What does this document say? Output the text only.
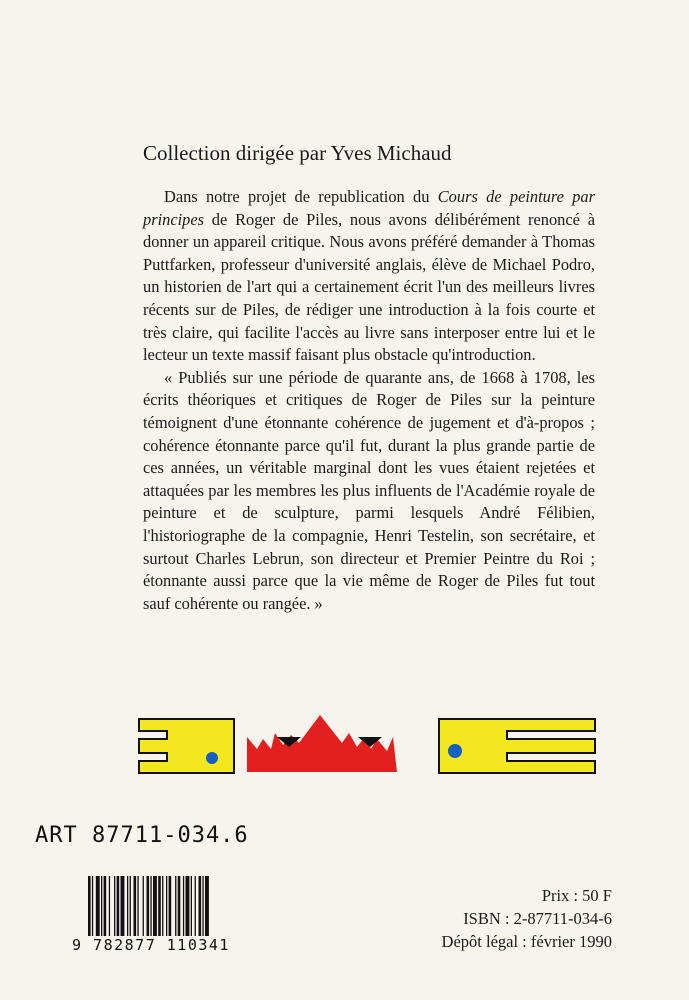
Collection dirigée par Yves Michaud

Dans notre projet de republication du Cours de peinture par principes de Roger de Piles, nous avons délibérément renoncé à donner un appareil critique. Nous avons préféré demander à Thomas Puttfarken, professeur d'université anglais, élève de Michael Podro, un historien de l'art qui a certainement écrit l'un des meilleurs livres récents sur de Piles, de rédiger une introduction à la fois courte et très claire, qui facilite l'accès au livre sans interposer entre lui et le lecteur un texte massif faisant plus obstacle qu'introduction.

« Publiés sur une période de quarante ans, de 1668 à 1708, les écrits théoriques et critiques de Roger de Piles sur la peinture témoignent d'une étonnante cohérence de jugement et d'à-propos ; cohérence étonnante parce qu'il fut, durant la plus grande partie de ces années, un véritable marginal dont les vues étaient rejetées et attaquées par les membres les plus influents de l'Académie royale de peinture et de sculpture, parmi lesquels André Félibien, l'historiographe de la compagnie, Henri Testelin, son secrétaire, et surtout Charles Lebrun, son directeur et Premier Peintre du Roi ; étonnante aussi parce que la vie même de Roger de Piles fut tout sauf cohérente ou rangée. »

ART 87711-034.6
9 782877 110341
Prix : 50 F
ISBN : 2-87711-034-6
Dépôt légal : février 1990
